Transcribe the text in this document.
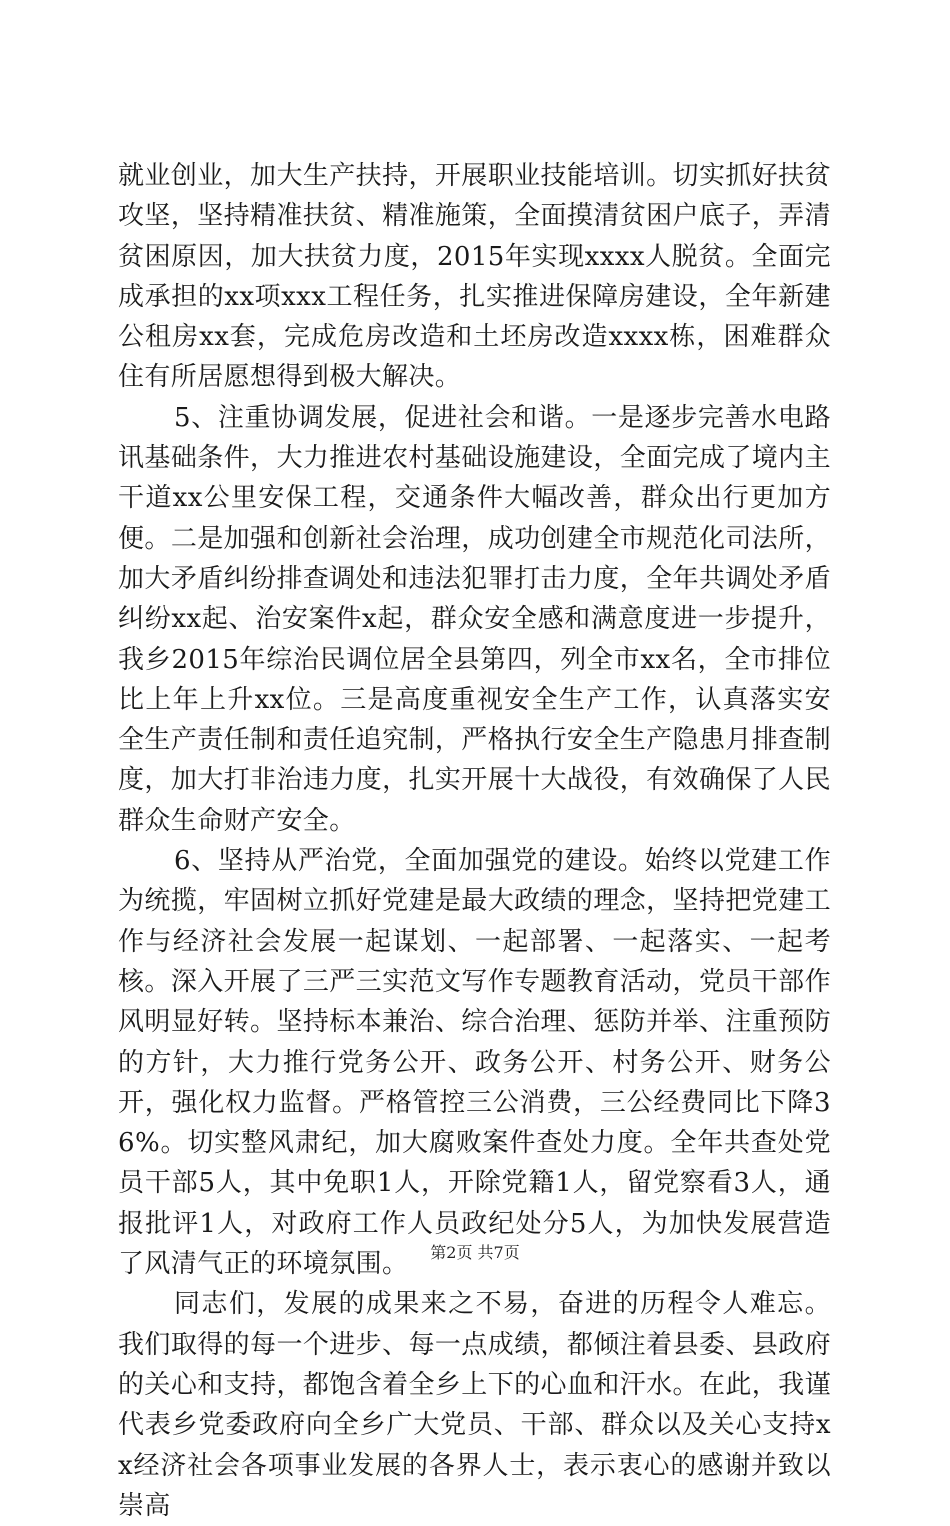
就业创业，加大生产扶持，开展职业技能培训。切实抓好扶贫攻坚，坚持精准扶贫、精准施策，全面摸清贫困户底子，弄清贫困原因，加大扶贫力度，2015年实现xxxx人脱贫。全面完成承担的xx项xxx工程任务，扎实推进保障房建设，全年新建公租房xx套，完成危房改造和土坯房改造xxxx栋，困难群众住有所居愿想得到极大解决。

5、注重协调发展，促进社会和谐。一是逐步完善水电路讯基础条件，大力推进农村基础设施建设，全面完成了境内主干道xx公里安保工程，交通条件大幅改善，群众出行更加方便。二是加强和创新社会治理，成功创建全市规范化司法所，加大矛盾纠纷排查调处和违法犯罪打击力度，全年共调处矛盾纠纷xx起、治安案件x起，群众安全感和满意度进一步提升，我乡2015年综治民调位居全县第四，列全市xx名，全市排位比上年上升xx位。三是高度重视安全生产工作，认真落实安全生产责任制和责任追究制，严格执行安全生产隐患月排查制度，加大打非治违力度，扎实开展十大战役，有效确保了人民群众生命财产安全。

6、坚持从严治党，全面加强党的建设。始终以党建工作为统揽，牢固树立抓好党建是最大政绩的理念，坚持把党建工作与经济社会发展一起谋划、一起部署、一起落实、一起考核。深入开展了三严三实范文写作专题教育活动，党员干部作风明显好转。坚持标本兼治、综合治理、惩防并举、注重预防的方针，大力推行党务公开、政务公开、村务公开、财务公开，强化权力监督。严格管控三公消费，三公经费同比下降36%。切实整风肃纪，加大腐败案件查处力度。全年共查处党员干部5人，其中免职1人，开除党籍1人，留党察看3人，通报批评1人，对政府工作人员政纪处分5人，为加快发展营造了风清气正的环境氛围。

同志们，发展的成果来之不易，奋进的历程令人难忘。我们取得的每一个进步、每一点成绩，都倾注着县委、县政府的关心和支持，都饱含着全乡上下的心血和汗水。在此，我谨代表乡党委政府向全乡广大党员、干部、群众以及关心支持xx经济社会各项事业发展的各界人士，表示衷心的感谢并致以崇高

第2页 共7页
